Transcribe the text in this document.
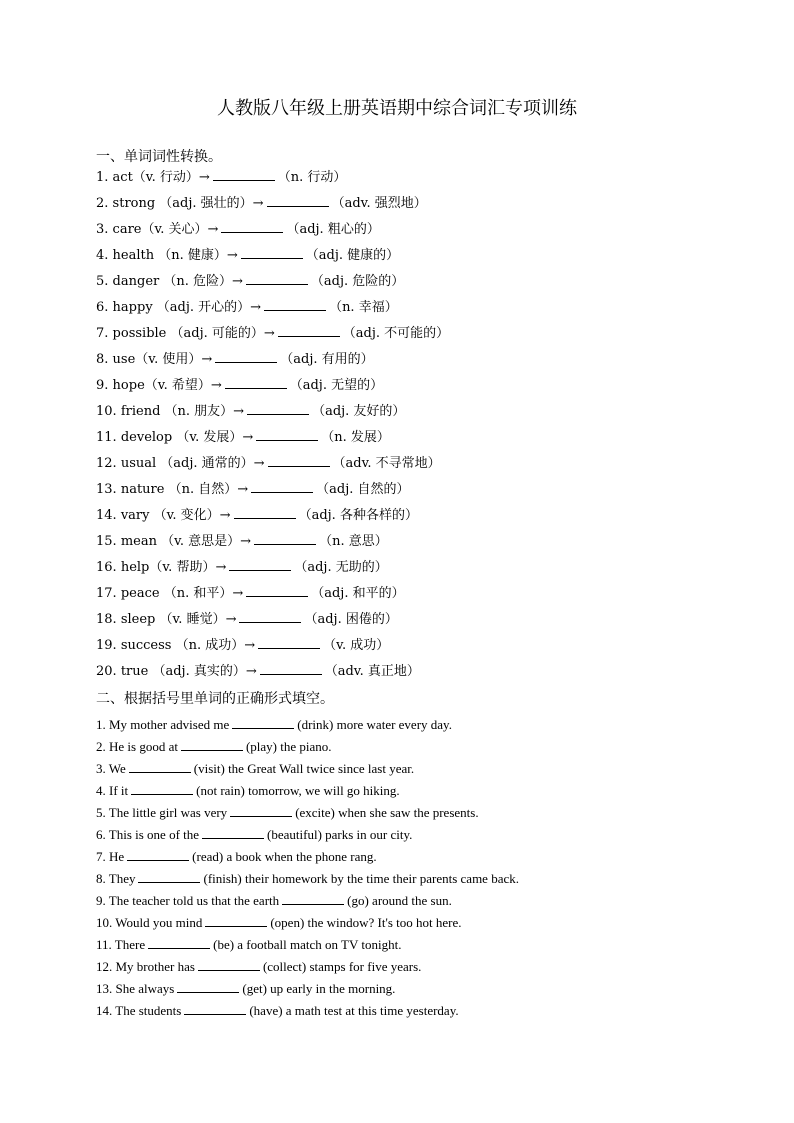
人教版八年级上册英语期中综合词汇专项训练
一、单词词性转换。
1. act（v. 行动）→	（n. 行动）
2. strong （adj. 强壮的）→	（adv. 强烈地）
3. care（v. 关心）→	（adj. 粗心的）
4. health （n. 健康）→	（adj. 健康的）
5. danger （n. 危险）→	（adj. 危险的）
6. happy （adj. 开心的）→	（n. 幸福）
7. possible （adj. 可能的）→	（adj. 不可能的）
8. use（v. 使用）→	（adj. 有用的）
9. hope（v. 希望）→	（adj. 无望的）
10. friend （n. 朋友）→	（adj. 友好的）
11. develop （v. 发展）→	（n. 发展）
12. usual （adj. 通常的）→	（adv. 不寻常地）
13. nature （n. 自然）→	（adj. 自然的）
14. vary （v. 变化）→	（adj. 各种各样的）
15. mean （v. 意思是）→	（n. 意思）
16. help（v. 帮助）→	（adj. 无助的）
17. peace （n. 和平）→	（adj. 和平的）
18. sleep （v. 睡觉）→	（adj. 困倦的）
19. success （n. 成功）→	（v. 成功）
20. true （adj. 真实的）→	（adv. 真正地）
二、根据括号里单词的正确形式填空。
1. My mother advised me	(drink) more water every day.
2. He is good at	(play) the piano.
3. We	(visit) the Great Wall twice since last year.
4. If it	(not rain) tomorrow, we will go hiking.
5. The little girl was very	(excite) when she saw the presents.
6. This is one of the	(beautiful) parks in our city.
7. He	(read) a book when the phone rang.
8. They	(finish) their homework by the time their parents came back.
9. The teacher told us that the earth	(go) around the sun.
10. Would you mind	(open) the window? It's too hot here.
11. There	(be) a football match on TV tonight.
12. My brother has	(collect) stamps for five years.
13. She always	(get) up early in the morning.
14. The students	(have) a math test at this time yesterday.
